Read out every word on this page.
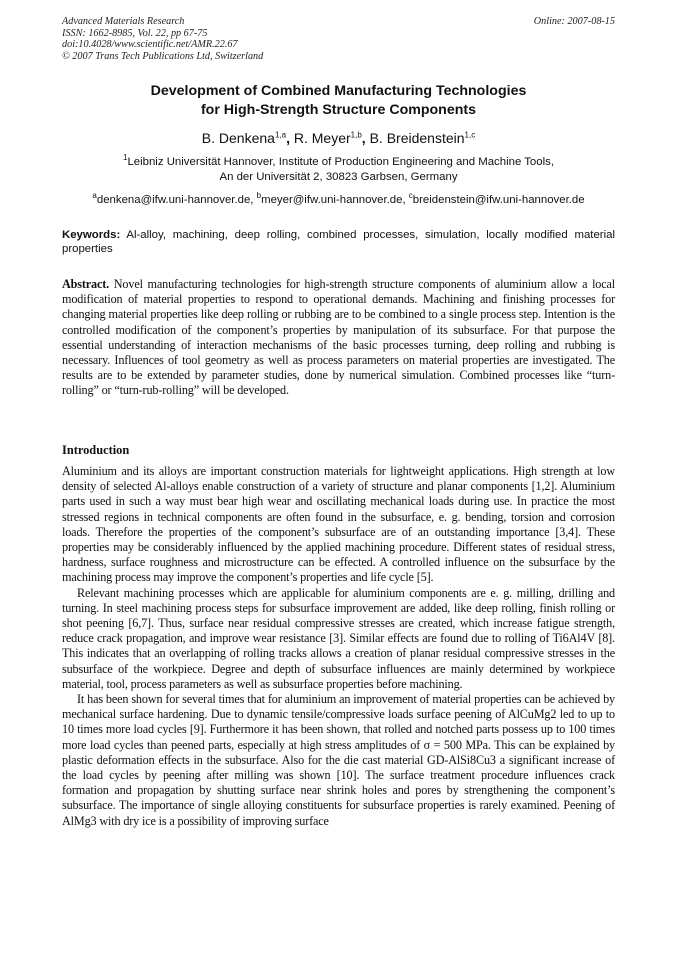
Advanced Materials Research
ISSN: 1662-8985, Vol. 22, pp 67-75
doi:10.4028/www.scientific.net/AMR.22.67
© 2007 Trans Tech Publications Ltd, Switzerland
Online: 2007-08-15
Development of Combined Manufacturing Technologies
for High-Strength Structure Components
B. Denkena$^{1,a}$, R. Meyer$^{1,b}$, B. Breidenstein$^{1,c}$
$^1$Leibniz Universität Hannover, Institute of Production Engineering and Machine Tools,
An der Universität 2, 30823 Garbsen, Germany
$^a$denkena@ifw.uni-hannover.de, $^b$meyer@ifw.uni-hannover.de, $^c$breidenstein@ifw.uni-hannover.de
Keywords: Al-alloy, machining, deep rolling, combined processes, simulation, locally modified material properties
Abstract. Novel manufacturing technologies for high-strength structure components of aluminium allow a local modification of material properties to respond to operational demands. Machining and finishing processes for changing material properties like deep rolling or rubbing are to be combined to a single process step. Intention is the controlled modification of the component’s properties by manipulation of its subsurface. For that purpose the essential understanding of interaction mechanisms of the basic processes turning, deep rolling and rubbing is necessary. Influences of tool geometry as well as process parameters on material properties are investigated. The results are to be extended by parameter studies, done by numerical simulation. Combined processes like “turn-rolling” or “turn-rub-rolling” will be developed.
Introduction

Aluminium and its alloys are important construction materials for lightweight applications. High strength at low density of selected Al-alloys enable construction of a variety of structure and planar components [1,2]. Aluminium parts used in such a way must bear high wear and oscillating mechanical loads during use. In practice the most stressed regions in technical components are often found in the subsurface, e. g. bending, torsion and corrosion loads. Therefore the properties of the component’s subsurface are of an outstanding importance [3,4]. These properties may be considerably influenced by the applied machining procedure. Different states of residual stress, hardness, surface roughness and microstructure can be effected. A controlled influence on the subsurface by the machining process may improve the component’s properties and life cycle [5].

Relevant machining processes which are applicable for aluminium components are e. g. milling, drilling and turning. In steel machining process steps for subsurface improvement are added, like deep rolling, finish rolling or shot peening [6,7]. Thus, surface near residual compressive stresses are created, which increase fatigue strength, reduce crack propagation, and improve wear resistance [3]. Similar effects are found due to rolling of Ti6Al4V [8]. This indicates that an overlapping of rolling tracks allows a creation of planar residual compressive stresses in the subsurface of the workpiece. Degree and depth of subsurface influences are mainly determined by workpiece material, tool, process parameters as well as subsurface properties before machining.

It has been shown for several times that for aluminium an improvement of material properties can be achieved by mechanical surface hardening. Due to dynamic tensile/compressive loads surface peening of AlCuMg2 led to up to 10 times more load cycles [9]. Furthermore it has been shown, that rolled and notched parts possess up to 100 times more load cycles than peened parts, especially at high stress amplitudes of σ = 500 MPa. This can be explained by plastic deformation effects in the subsurface. Also for the die cast material GD-AlSi8Cu3 a significant increase of the load cycles by peening after milling was shown [10]. The surface treatment procedure influences crack formation and propagation by shutting surface near shrink holes and pores by strengthening the component’s subsurface. The importance of single alloying constituents for subsurface properties is rarely examined. Peening of AlMg3 with dry ice is a possibility of improving surface
